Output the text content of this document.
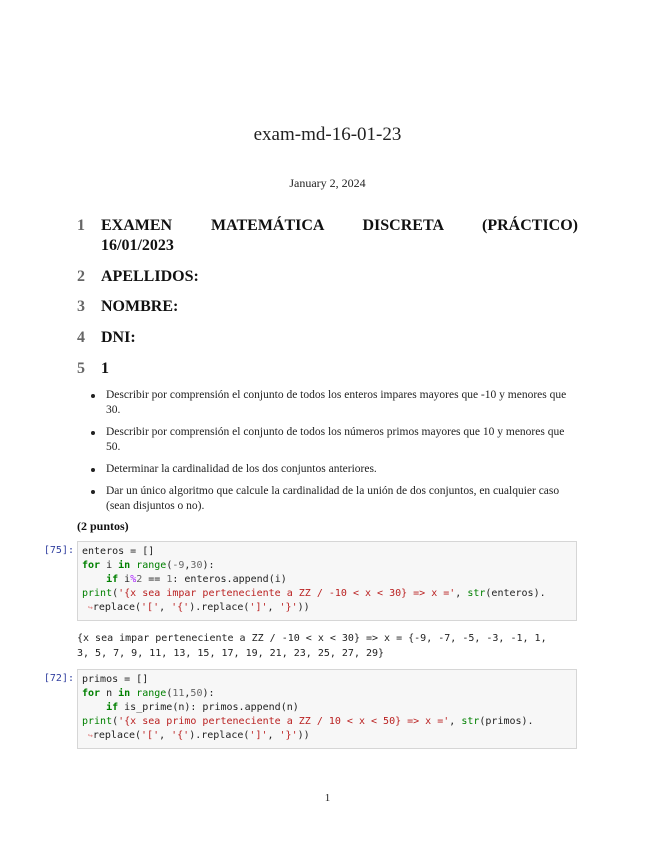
exam-md-16-01-23
January 2, 2024
1	EXAMEN MATEMÁTICA DISCRETA (PRÁCTICO)
16/01/2023
2	APELLIDOS:
3	NOMBRE:
4	DNI:
5	1
Describir por comprensión el conjunto de todos los enteros impares mayores que -10 y menores que 30.
Describir por comprensión el conjunto de todos los números primos mayores que 10 y menores que 50.
Determinar la cardinalidad de los dos conjuntos anteriores.
Dar un único algoritmo que calcule la cardinalidad de la unión de dos conjuntos, en cualquier caso (sean disjuntos o no).
(2 puntos)
[75]: enteros = []
for i in range(-9,30):
if i%2 == 1: enteros.append(i)
print('{x sea impar perteneciente a ZZ / -10 < x < 30} => x =', str(enteros).
↪replace('[', '{').replace(']', '}'))
{x sea impar perteneciente a ZZ / -10 < x < 30} => x = {-9, -7, -5, -3, -1, 1,
3, 5, 7, 9, 11, 13, 15, 17, 19, 21, 23, 25, 27, 29}
[72]: primos = []
for n in range(11,50):
if is_prime(n): primos.append(n)
print('{x sea primo perteneciente a ZZ / 10 < x < 50} => x =', str(primos).
↪replace('[', '{').replace(']', '}'))
1
